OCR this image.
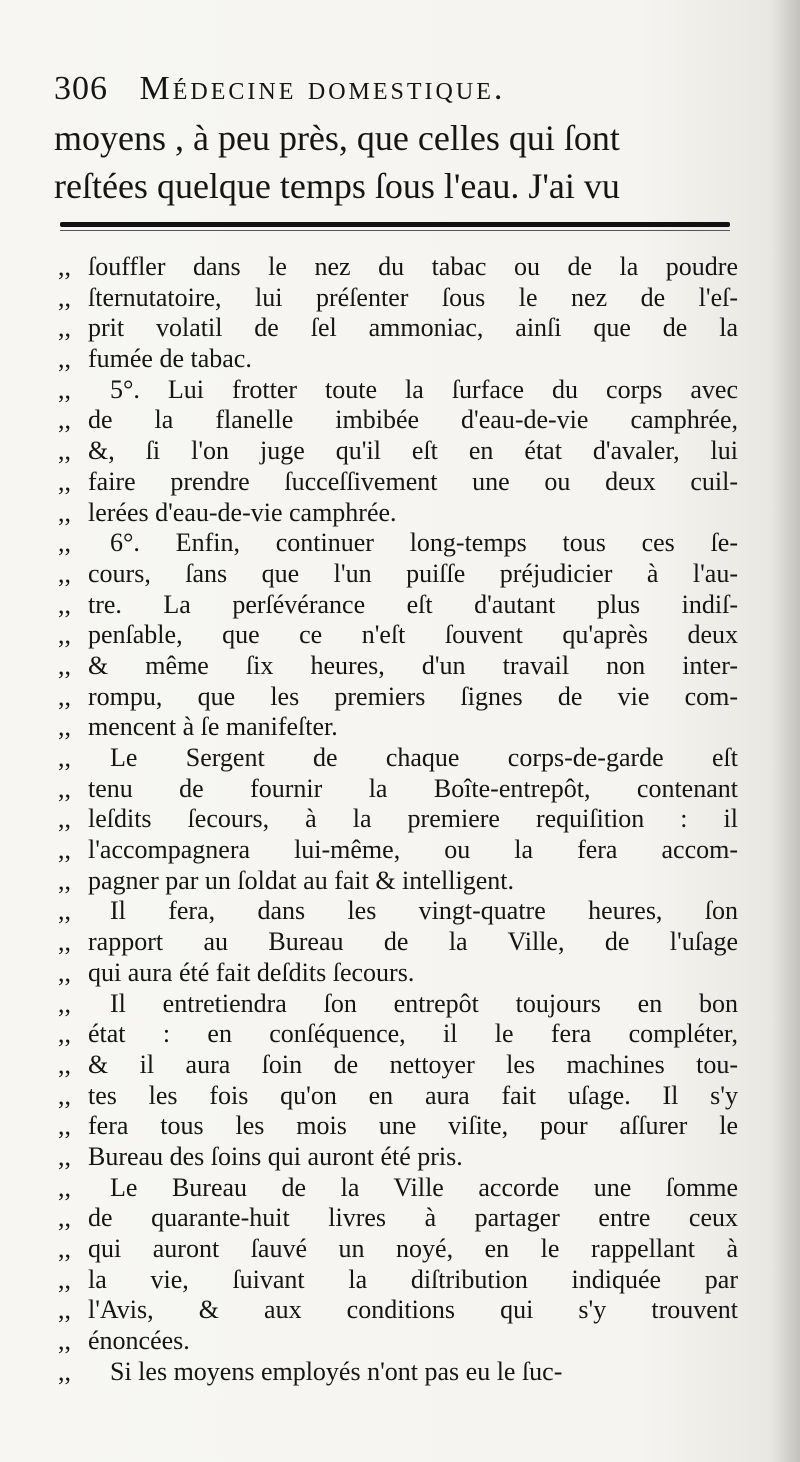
306 Médecine domestique.
moyens , à peu près, que celles qui ſont
reſtées quelque temps ſous l'eau. J'ai vu
,, ſouffler dans le nez du tabac ou de la poudre
,, ſternutatoire, lui préſenter ſous le nez de l'eſ-
,, prit volatil de ſel ammoniac, ainſi que de la
,, fumée de tabac.
,,	5°. Lui frotter toute la ſurface du corps avec
,, de la flanelle imbibée d'eau-de-vie camphrée,
,, &, ſi l'on juge qu'il eſt en état d'avaler, lui
,, faire prendre ſucceſſivement une ou deux cuil-
,, lerées d'eau-de-vie camphrée.
,,	6°. Enfin, continuer long-temps tous ces ſe-
,, cours, ſans que l'un puiſſe préjudicier à l'au-
,, tre. La perſévérance eſt d'autant plus indiſ-
,, penſable, que ce n'eſt ſouvent qu'après deux
,, & même ſix heures, d'un travail non inter-
,, rompu, que les premiers ſignes de vie com-
,, mencent à ſe manifeſter.
,,	Le Sergent de chaque corps-de-garde eſt
,, tenu de fournir la Boîte-entrepôt, contenant
,, leſdits ſecours, à la premiere requiſition : il
,, l'accompagnera lui-même, ou la fera accom-
,, pagner par un ſoldat au fait & intelligent.
,,	Il fera, dans les vingt-quatre heures, ſon
,, rapport au Bureau de la Ville, de l'uſage
,, qui aura été fait deſdits ſecours.
,,	Il entretiendra ſon entrepôt toujours en bon
,, état : en conſéquence, il le fera compléter,
,, & il aura ſoin de nettoyer les machines tou-
,, tes les fois qu'on en aura fait uſage. Il s'y
,, fera tous les mois une viſite, pour aſſurer le
,, Bureau des ſoins qui auront été pris.
,,	Le Bureau de la Ville accorde une ſomme
,, de quarante-huit livres à partager entre ceux
,, qui auront ſauvé un noyé, en le rappellant à
,, la vie, ſuivant la diſtribution indiquée par
,, l'Avis, & aux conditions qui s'y trouvent
,, énoncées.
,,	Si les moyens employés n'ont pas eu le ſuc-
